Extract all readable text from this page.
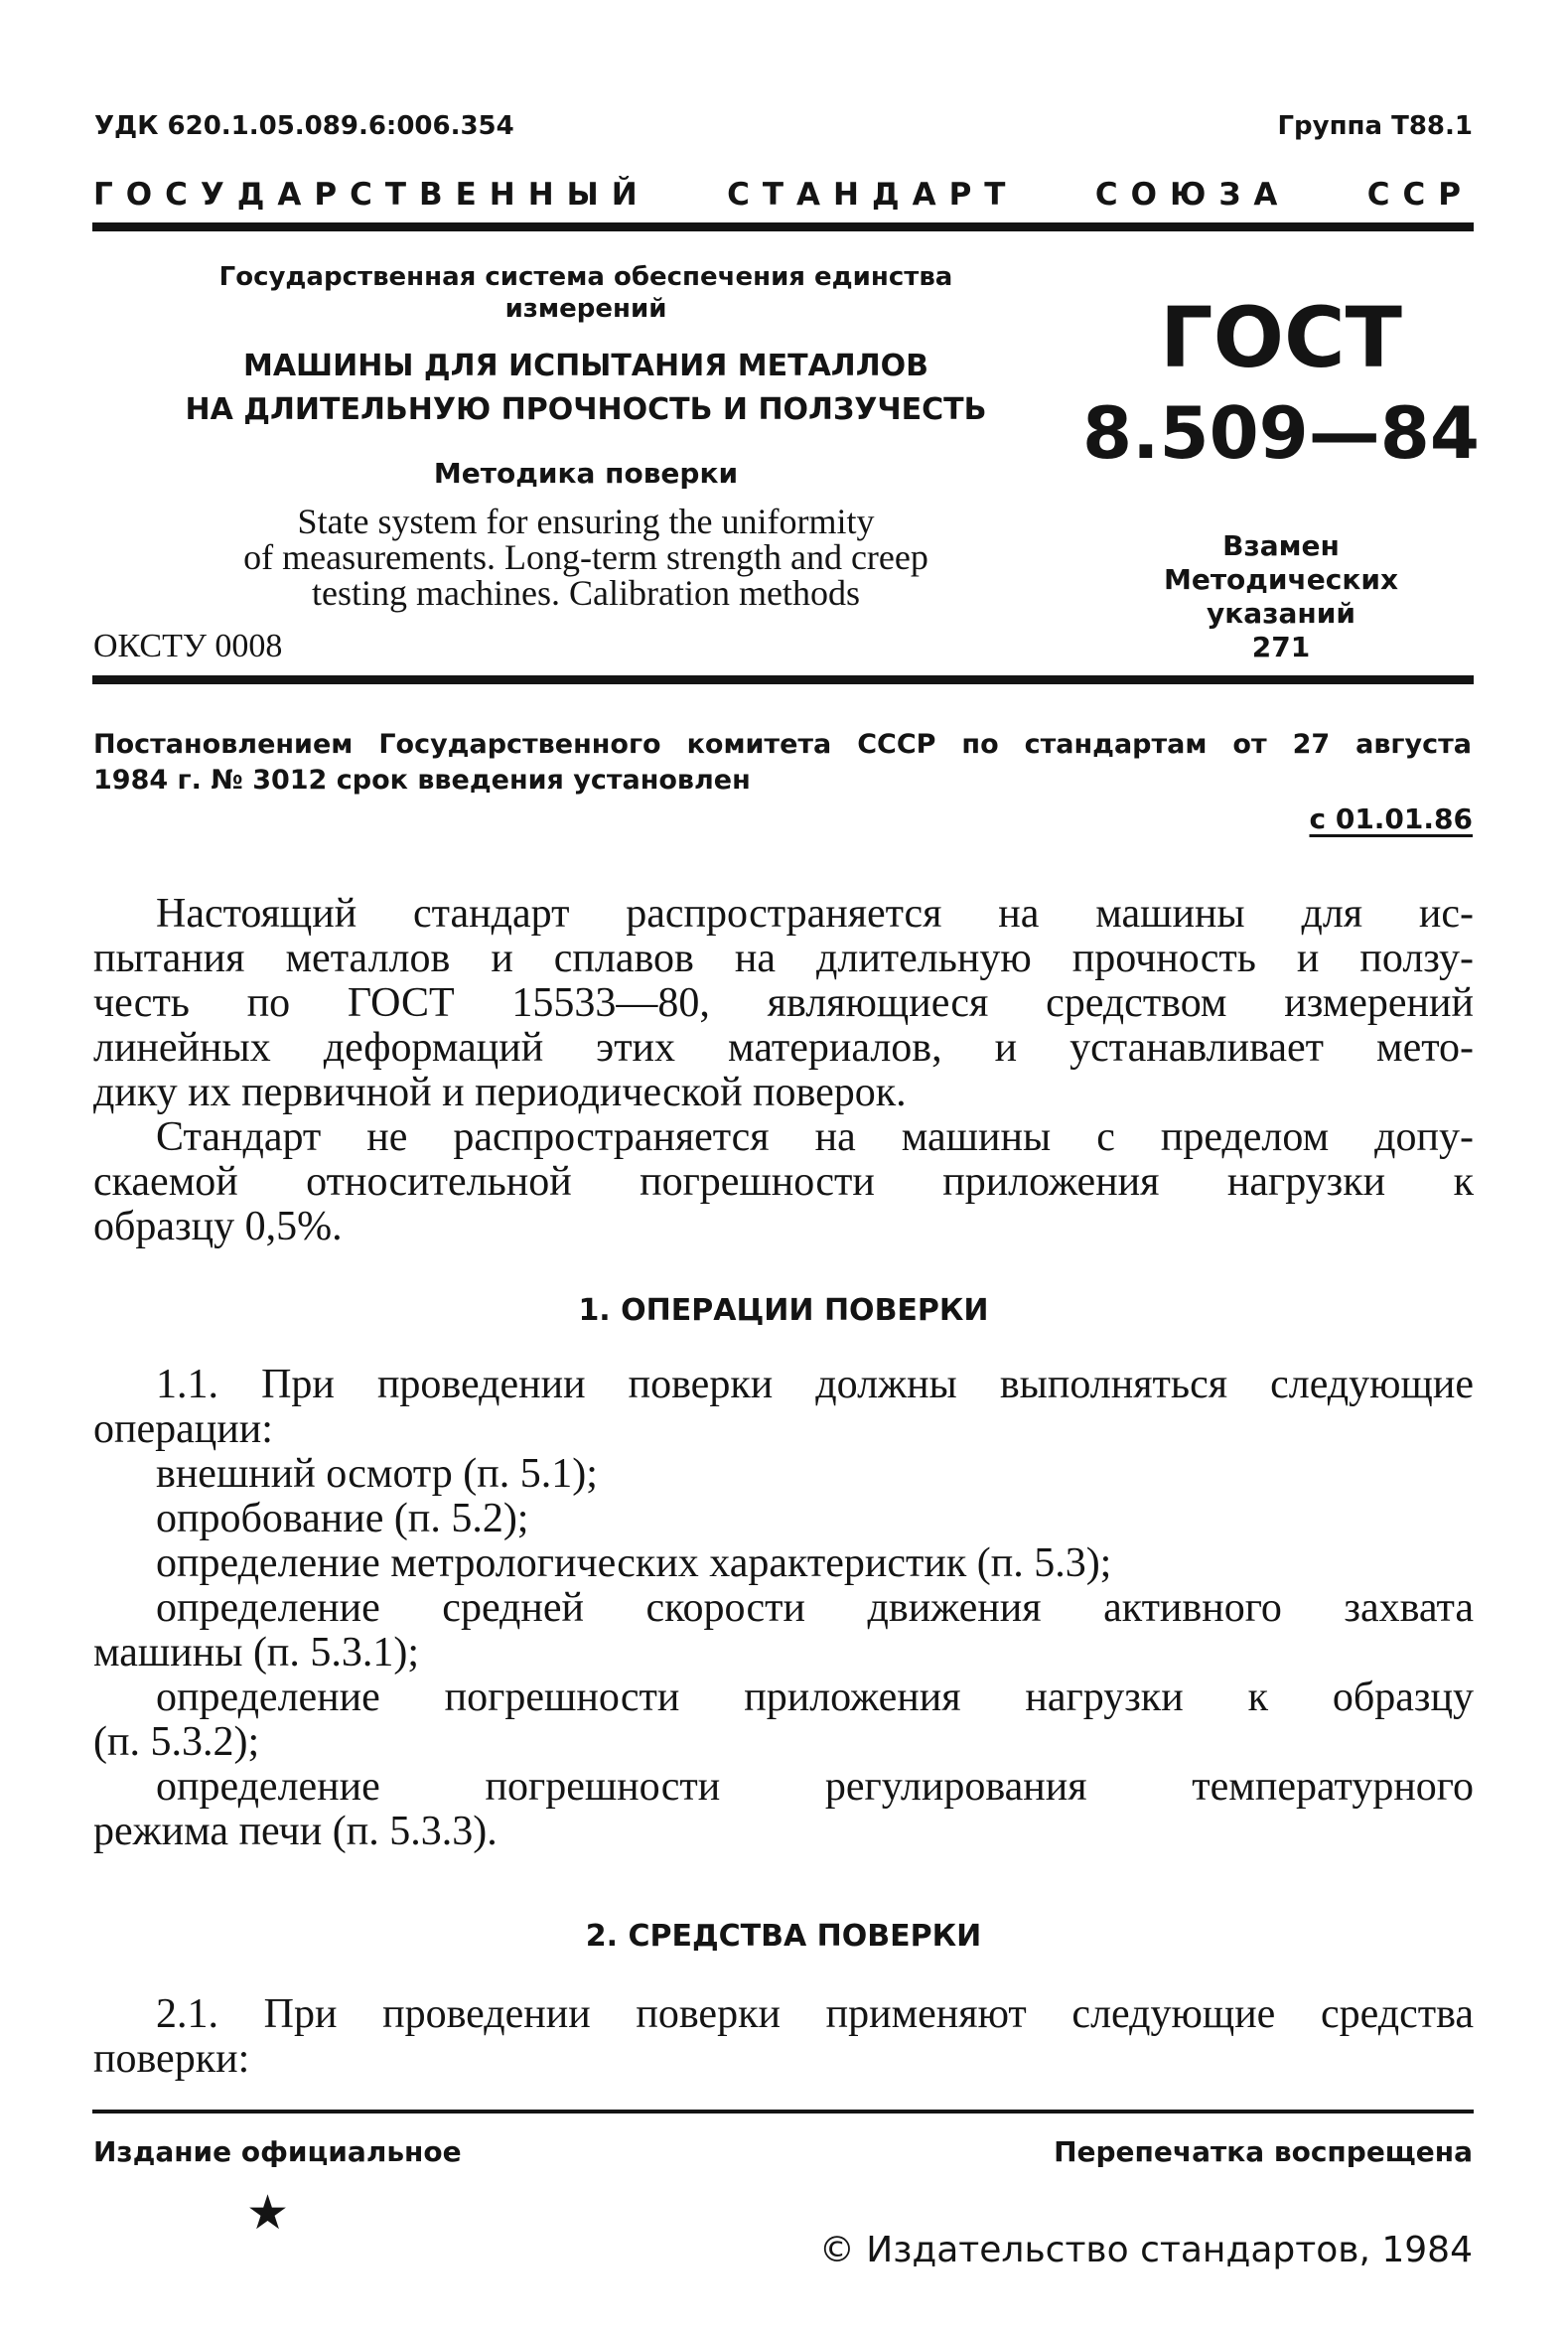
УДК 620.1.05.089.6:006.354	Группа Т88.1
ГОСУДАРСТВЕННЫЙ СТАНДАРТ СОЮЗА ССР
Государственная система обеспечения единства
измерений
МАШИНЫ ДЛЯ ИСПЫТАНИЯ МЕТАЛЛОВ
НА ДЛИТЕЛЬНУЮ ПРОЧНОСТЬ И ПОЛЗУЧЕСТЬ
Методика поверки
State system for ensuring the uniformity
of measurements. Long-term strength and creep
testing machines. Calibration methods
ОКСТУ 0008
ГОСТ
8.509—84
Взамен
Методических
указаний
271
Постановлением Государственного комитета СССР по стандартам от 27 августа
1984 г. № 3012 срок введения установлен
с 01.01.86
Настоящий стандарт распространяется на машины для ис-
пытания металлов и сплавов на длительную прочность и ползу-
честь по ГОСТ 15533—80, являющиеся средством измерений
линейных деформаций этих материалов, и устанавливает мето-
дику их первичной и периодической поверок.
Стандарт не распространяется на машины с пределом допу-
скаемой относительной погрешности приложения нагрузки к
образцу 0,5%.
1. ОПЕРАЦИИ ПОВЕРКИ
1.1. При проведении поверки должны выполняться следующие
операции:
внешний осмотр (п. 5.1);
опробование (п. 5.2);
определение метрологических характеристик (п. 5.3);
определение средней скорости движения активного захвата
машины (п. 5.3.1);
определение погрешности приложения нагрузки к образцу
(п. 5.3.2);
определение погрешности регулирования температурного
режима печи (п. 5.3.3).
2. СРЕДСТВА ПОВЕРКИ
2.1. При проведении поверки применяют следующие средства
поверки:
Издание официальное	Перепечатка воспрещена
★
© Издательство стандартов, 1984
